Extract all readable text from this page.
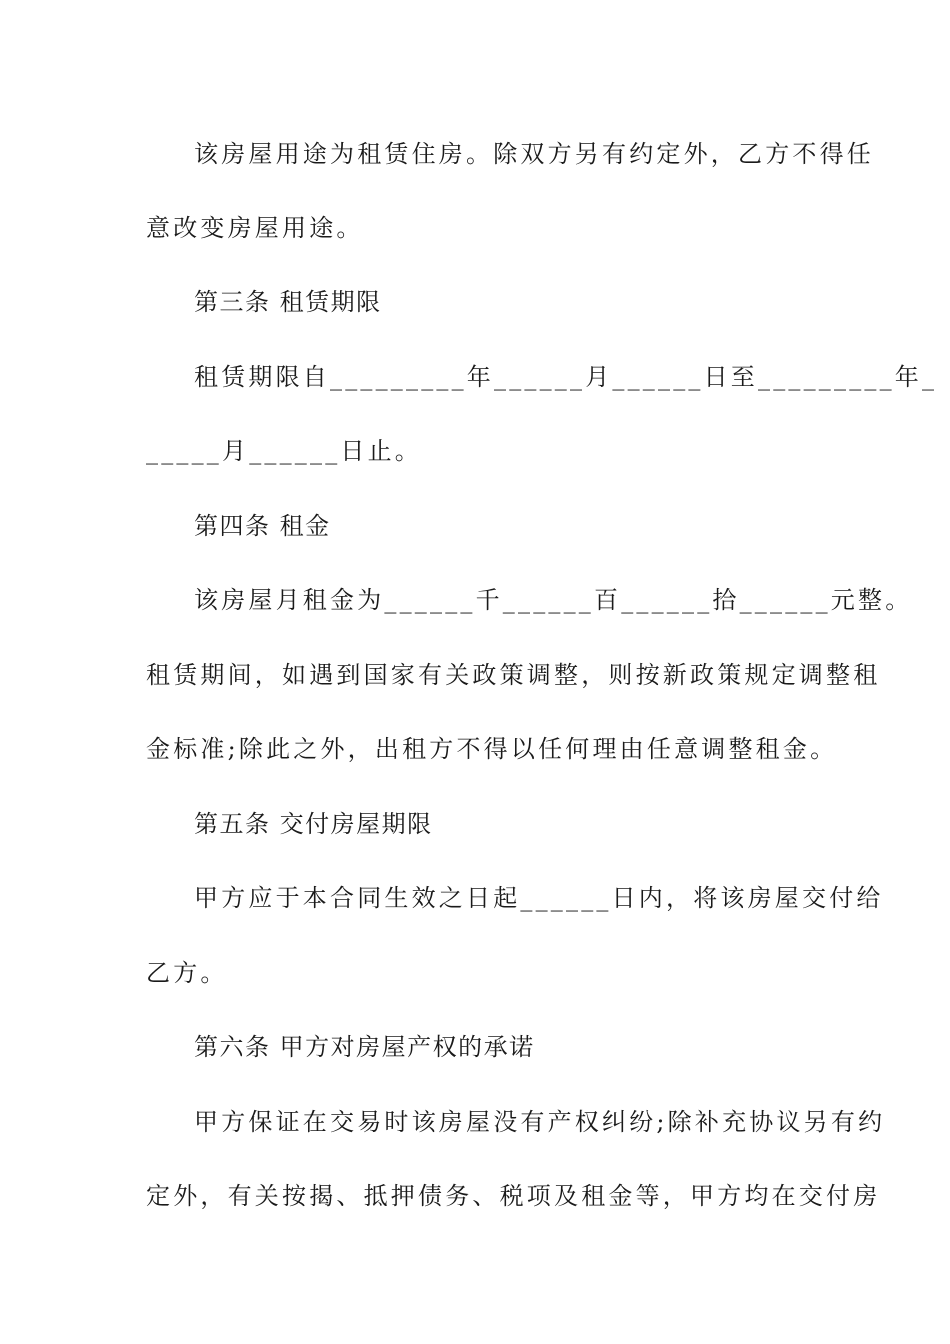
该房屋用途为租赁住房。除双方另有约定外，乙方不得任
意改变房屋用途。
第三条 租赁期限
租赁期限自_________年______月______日至_________年_
_____月______日止。
第四条 租金
该房屋月租金为______千______百______拾______元整。
租赁期间，如遇到国家有关政策调整，则按新政策规定调整租
金标准;除此之外，出租方不得以任何理由任意调整租金。
第五条 交付房屋期限
甲方应于本合同生效之日起______日内，将该房屋交付给
乙方。
第六条 甲方对房屋产权的承诺
甲方保证在交易时该房屋没有产权纠纷;除补充协议另有约
定外，有关按揭、抵押债务、税项及租金等，甲方均在交付房
